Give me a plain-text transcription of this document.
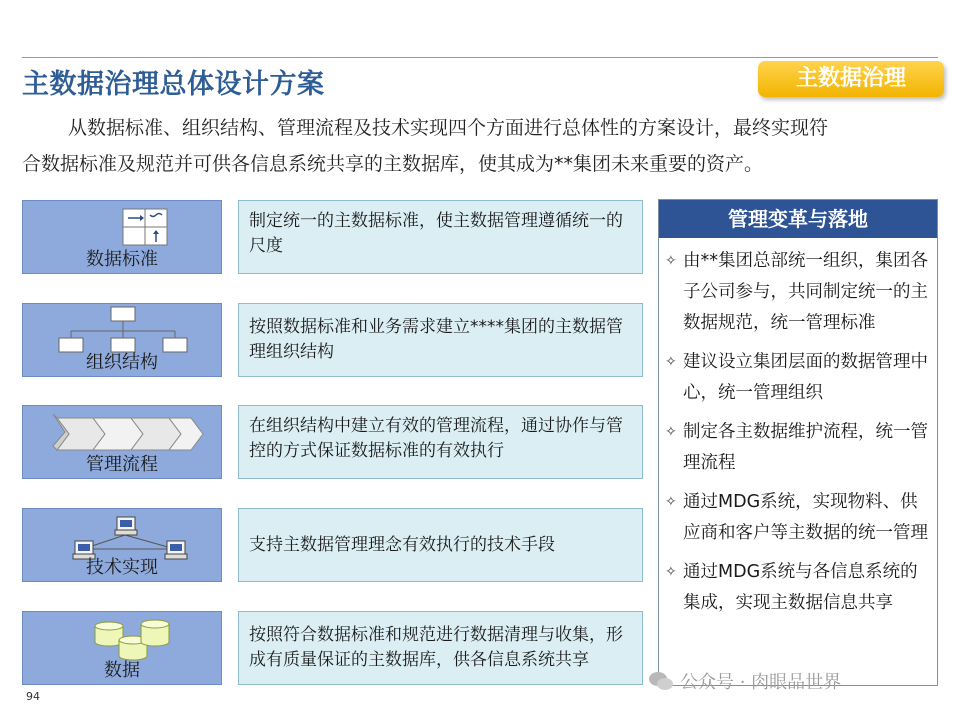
主数据治理总体设计方案	主数据治理

从数据标准、组织结构、管理流程及技术实现四个方面进行总体性的方案设计，最终实现符

合数据标准及规范并可供各信息系统共享的主数据库，使其成为**集团未来重要的资产。

数据标准
制定统一的主数据标准，使主数据管理遵循统一的尺度
组织结构
按照数据标准和业务需求建立****集团的主数据管理组织结构
管理流程
在组织结构中建立有效的管理流程，通过协作与管控的方式保证数据标准的有效执行
技术实现
支持主数据管理理念有效执行的技术手段
数据
按照符合数据标准和规范进行数据清理与收集，形成有质量保证的主数据库，供各信息系统共享
管理变革与落地
✧ 由**集团总部统一组织，集团各子公司参与，共同制定统一的主数据规范，统一管理标准
✧ 建议设立集团层面的数据管理中心，统一管理组织
✧ 制定各主数据维护流程，统一管理流程
✧ 通过MDG系统，实现物料、供应商和客户等主数据的统一管理
✧ 通过MDG系统与各信息系统的集成，实现主数据信息共享
94
公众号 · 肉眼品世界
